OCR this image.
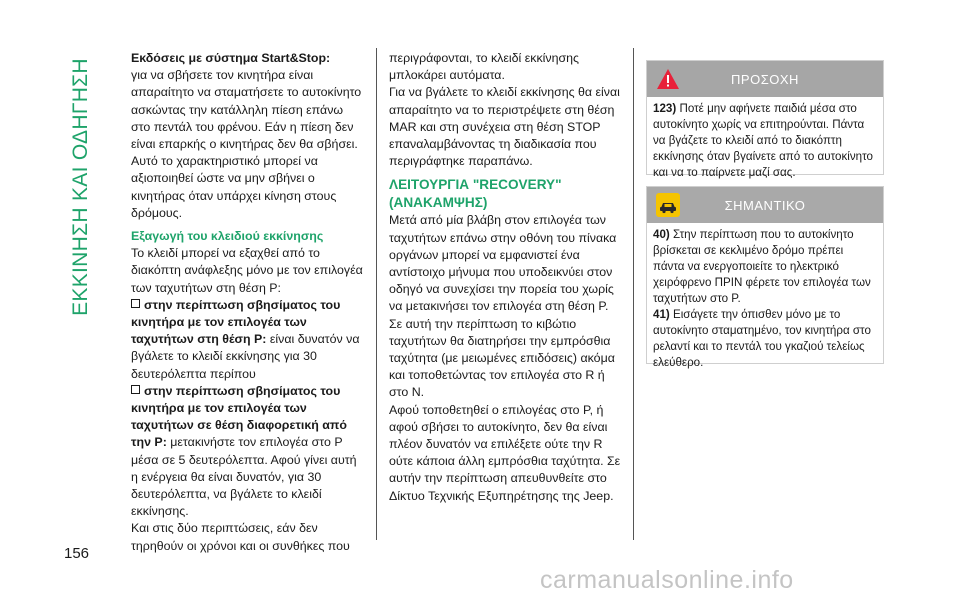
ΕΚΚΙΝΗΣΗ ΚΑΙ ΟΔΗΓΗΣΗ
156

Εκδόσεις με σύστημα Start&Stop:

για να σβήσετε τον κινητήρα είναι απαραίτητο να σταματήσετε το αυτοκίνητο ασκώντας την κατάλληλη πίεση επάνω στο πεντάλ του φρένου. Εάν η πίεση δεν είναι επαρκής ο κινητήρας δεν θα σβήσει. Αυτό το χαρακτηριστικό μπορεί να αξιοποιηθεί ώστε να μην σβήνει ο κινητήρας όταν υπάρχει κίνηση στους δρόμους.

Εξαγωγή του κλειδιού εκκίνησης

Το κλειδί μπορεί να εξαχθεί από το διακόπτη ανάφλεξης μόνο με τον επιλογέα των ταχυτήτων στη θέση P:

στην περίπτωση σβησίματος του κινητήρα με τον επιλογέα των ταχυτήτων στη θέση P: είναι δυνατόν να βγάλετε το κλειδί εκκίνησης για 30 δευτερόλεπτα περίπου

στην περίπτωση σβησίματος του κινητήρα με τον επιλογέα των ταχυτήτων σε θέση διαφορετική από την P: μετακινήστε τον επιλογέα στο P μέσα σε 5 δευτερόλεπτα. Αφού γίνει αυτή η ενέργεια θα είναι δυνατόν, για 30 δευτερόλεπτα, να βγάλετε το κλειδί εκκίνησης.

Και στις δύο περιπτώσεις, εάν δεν τηρηθούν οι χρόνοι και οι συνθήκες που

περιγράφονται, το κλειδί εκκίνησης μπλοκάρει αυτόματα.

Για να βγάλετε το κλειδί εκκίνησης θα είναι απαραίτητο να το περιστρέψετε στη θέση MAR και στη συνέχεια στη θέση STOP επαναλαμβάνοντας τη διαδικασία που περιγράφτηκε παραπάνω.

ΛΕΙΤΟΥΡΓΙΑ "RECOVERY" (ΑΝΑΚΑΜΨΗΣ)

Μετά από μία βλάβη στον επιλογέα των ταχυτήτων επάνω στην οθόνη του πίνακα οργάνων μπορεί να εμφανιστεί ένα αντίστοιχο μήνυμα που υποδεικνύει στον οδηγό να συνεχίσει την πορεία του χωρίς να μετακινήσει τον επιλογέα στη θέση P.

Σε αυτή την περίπτωση το κιβώτιο ταχυτήτων θα διατηρήσει την εμπρόσθια ταχύτητα (με μειωμένες επιδόσεις) ακόμα και τοποθετώντας τον επιλογέα στο R ή στο N.

Αφού τοποθετηθεί ο επιλογέας στο P, ή αφού σβήσει το αυτοκίνητο, δεν θα είναι πλέον δυνατόν να επιλέξετε ούτε την R ούτε κάποια άλλη εμπρόσθια ταχύτητα. Σε αυτήν την περίπτωση απευθυνθείτε στο Δίκτυο Τεχνικής Εξυπηρέτησης της Jeep.

ΠΡΟΣΟΧΗ

123) Ποτέ μην αφήνετε παιδιά μέσα στο αυτοκίνητο χωρίς να επιτηρούνται. Πάντα να βγάζετε το κλειδί από το διακόπτη εκκίνησης όταν βγαίνετε από το αυτοκίνητο και να το παίρνετε μαζί σας.

ΣΗΜΑΝΤΙΚΟ

40) Στην περίπτωση που το αυτοκίνητο βρίσκεται σε κεκλιμένο δρόμο πρέπει πάντα να ενεργοποιείτε το ηλεκτρικό χειρόφρενο ΠΡΙΝ φέρετε τον επιλογέα των ταχυτήτων στο P.

41) Εισάγετε την όπισθεν μόνο με το αυτοκίνητο σταματημένο, τον κινητήρα στο ρελαντί και το πεντάλ του γκαζιού τελείως ελεύθερο.

carmanualsonline.info
